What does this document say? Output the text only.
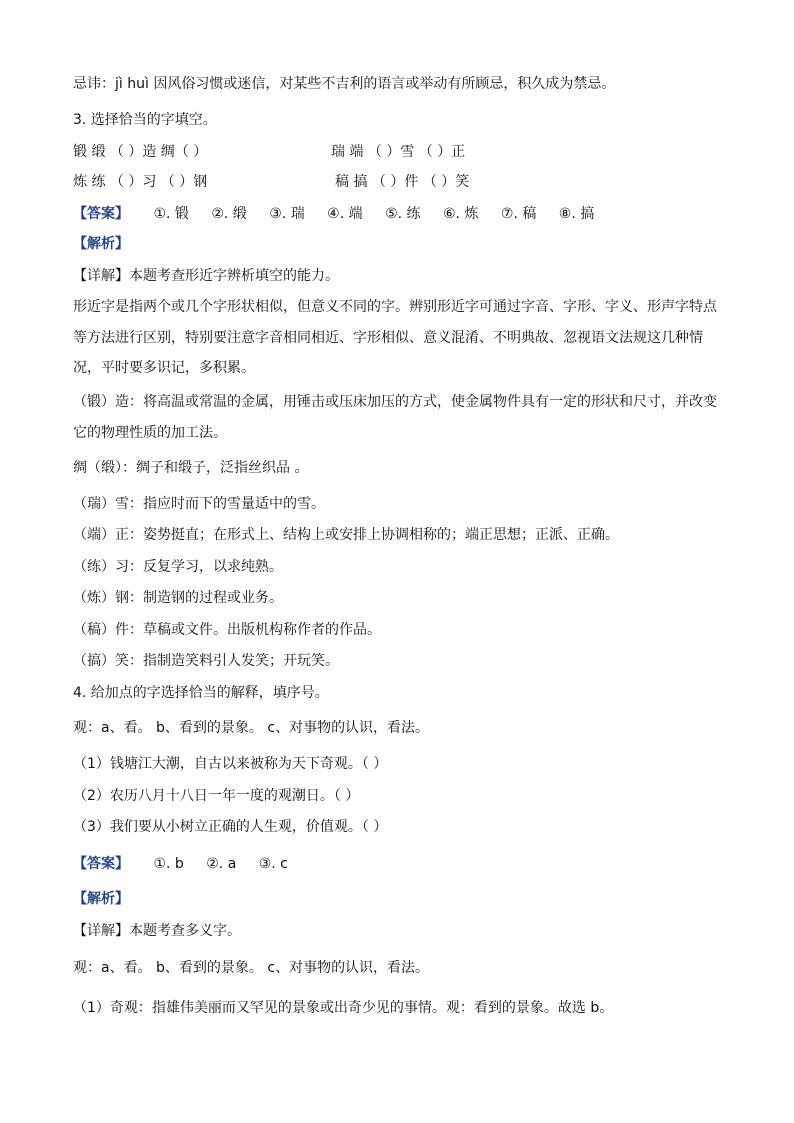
忌讳：jì huì 因风俗习惯或迷信，对某些不吉利的语言或举动有所顾忌，积久成为禁忌。
3. 选择恰当的字填空。
锻 缎 （ ）造 绸（ ）	瑞 端 （ ）雪 （ ）正
炼 练 （ ）习 （ ）钢	稿 搞 （ ）件 （ ）笑
【答案】 ①. 锻 ②. 缎 ③. 瑞 ④. 端 ⑤. 练 ⑥. 炼 ⑦. 稿 ⑧. 搞
【解析】
【详解】本题考查形近字辨析填空的能力。
形近字是指两个或几个字形状相似，但意义不同的字。辨别形近字可通过字音、字形、字义、形声字特点
等方法进行区别，特别要注意字音相同相近、字形相似、意义混淆、不明典故、忽视语文法规这几种情
况，平时要多识记，多积累。
（锻）造：将高温或常温的金属，用锤击或压床加压的方式，使金属物件具有一定的形状和尺寸，并改变
它的物理性质的加工法。
绸（缎）：绸子和缎子，泛指丝织品 。
（瑞）雪：指应时而下的雪量适中的雪。
（端）正：姿势挺直；在形式上、结构上或安排上协调相称的；端正思想；正派、正确。
（练）习：反复学习，以求纯熟。
（炼）钢：制造钢的过程或业务。
（稿）件：草稿或文件。出版机构称作者的作品。
（搞）笑：指制造笑料引人发笑；开玩笑。
4. 给加点的字选择恰当的解释，填序号。
观：a、看。 b、看到的景象。 c、对事物的认识，看法。
（1）钱塘江大潮，自古以来被称为天下奇观。（ ）
（2）农历八月十八日一年一度的观潮日。（ ）
（3）我们要从小树立正确的人生观，价值观。（ ）
【答案】 ①. b ②. a ③. c
【解析】
【详解】本题考查多义字。
观：a、看。 b、看到的景象。 c、对事物的认识，看法。
（1）奇观：指雄伟美丽而又罕见的景象或出奇少见的事情。观：看到的景象。故选 b。
